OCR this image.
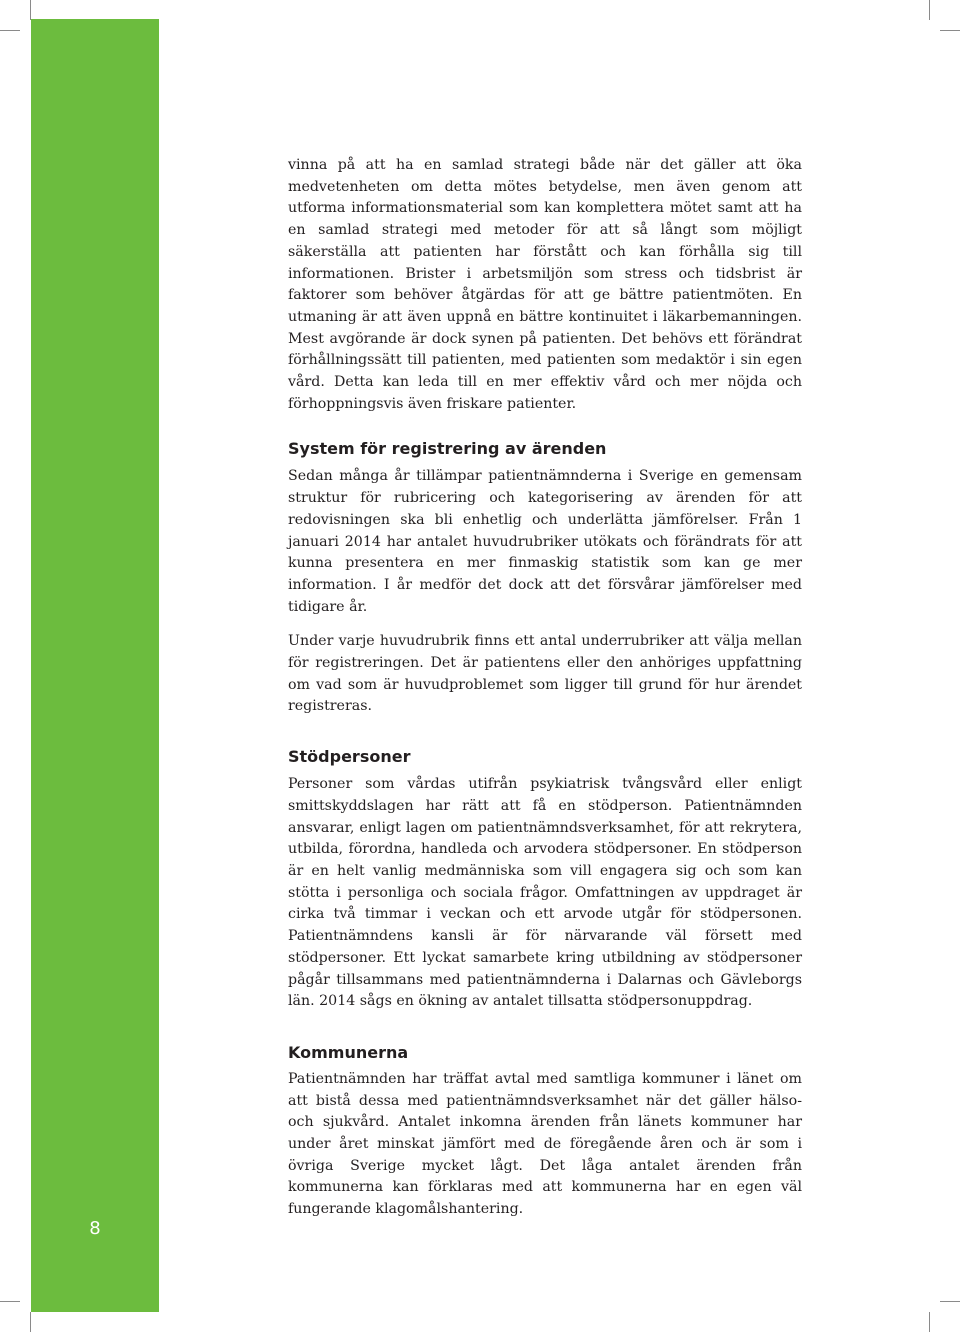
8

vinna på att ha en samlad strategi både när det gäller att öka medvetenheten om detta mötes betydelse, men även genom att utforma informationsmaterial som kan komplettera mötet samt att ha en samlad strategi med metoder för att så långt som möjligt säkerställa att patienten har förstått och kan förhålla sig till informationen. Brister i arbetsmiljön som stress och tidsbrist är faktorer som behöver åtgärdas för att ge bättre patientmöten. En utmaning är att även uppnå en bättre kontinuitet i läkarbemanningen. Mest avgörande är dock synen på patienten. Det behövs ett förändrat förhållningssätt till patienten, med patienten som medaktör i sin egen vård. Detta kan leda till en mer effektiv vård och mer nöjda och förhoppningsvis även friskare patienter.

System för registrering av ärenden

Sedan många år tillämpar patientnämnderna i Sverige en gemensam struktur för rubricering och kategorisering av ärenden för att redovisningen ska bli enhetlig och underlätta jämförelser. Från 1 januari 2014 har antalet huvudrubriker utökats och förändrats för att kunna presentera en mer finmaskig statistik som kan ge mer information. I år medför det dock att det försvårar jämförelser med tidigare år.

Under varje huvudrubrik finns ett antal underrubriker att välja mellan för registreringen. Det är patientens eller den anhöriges uppfattning om vad som är huvudproblemet som ligger till grund för hur ärendet registreras.

Stödpersoner

Personer som vårdas utifrån psykiatrisk tvångsvård eller enligt smittskyddslagen har rätt att få en stödperson. Patientnämnden ansvarar, enligt lagen om patientnämndsverksamhet, för att rekrytera, utbilda, förordna, handleda och arvodera stödpersoner. En stödperson är en helt vanlig medmänniska som vill engagera sig och som kan stötta i personliga och sociala frågor. Omfattningen av uppdraget är cirka två timmar i veckan och ett arvode utgår för stödpersonen. Patientnämndens kansli är för närvarande väl försett med stödpersoner. Ett lyckat samarbete kring utbildning av stödpersoner pågår tillsammans med patientnämnderna i Dalarnas och Gävleborgs län. 2014 sågs en ökning av antalet tillsatta stödpersonuppdrag.

Kommunerna

Patientnämnden har träffat avtal med samtliga kommuner i länet om att bistå dessa med patientnämndsverksamhet när det gäller hälso- och sjukvård. Antalet inkomna ärenden från länets kommuner har under året minskat jämfört med de föregående åren och är som i övriga Sverige mycket lågt. Det låga antalet ärenden från kommunerna kan förklaras med att kommunerna har en egen väl fungerande klagomålshantering.
